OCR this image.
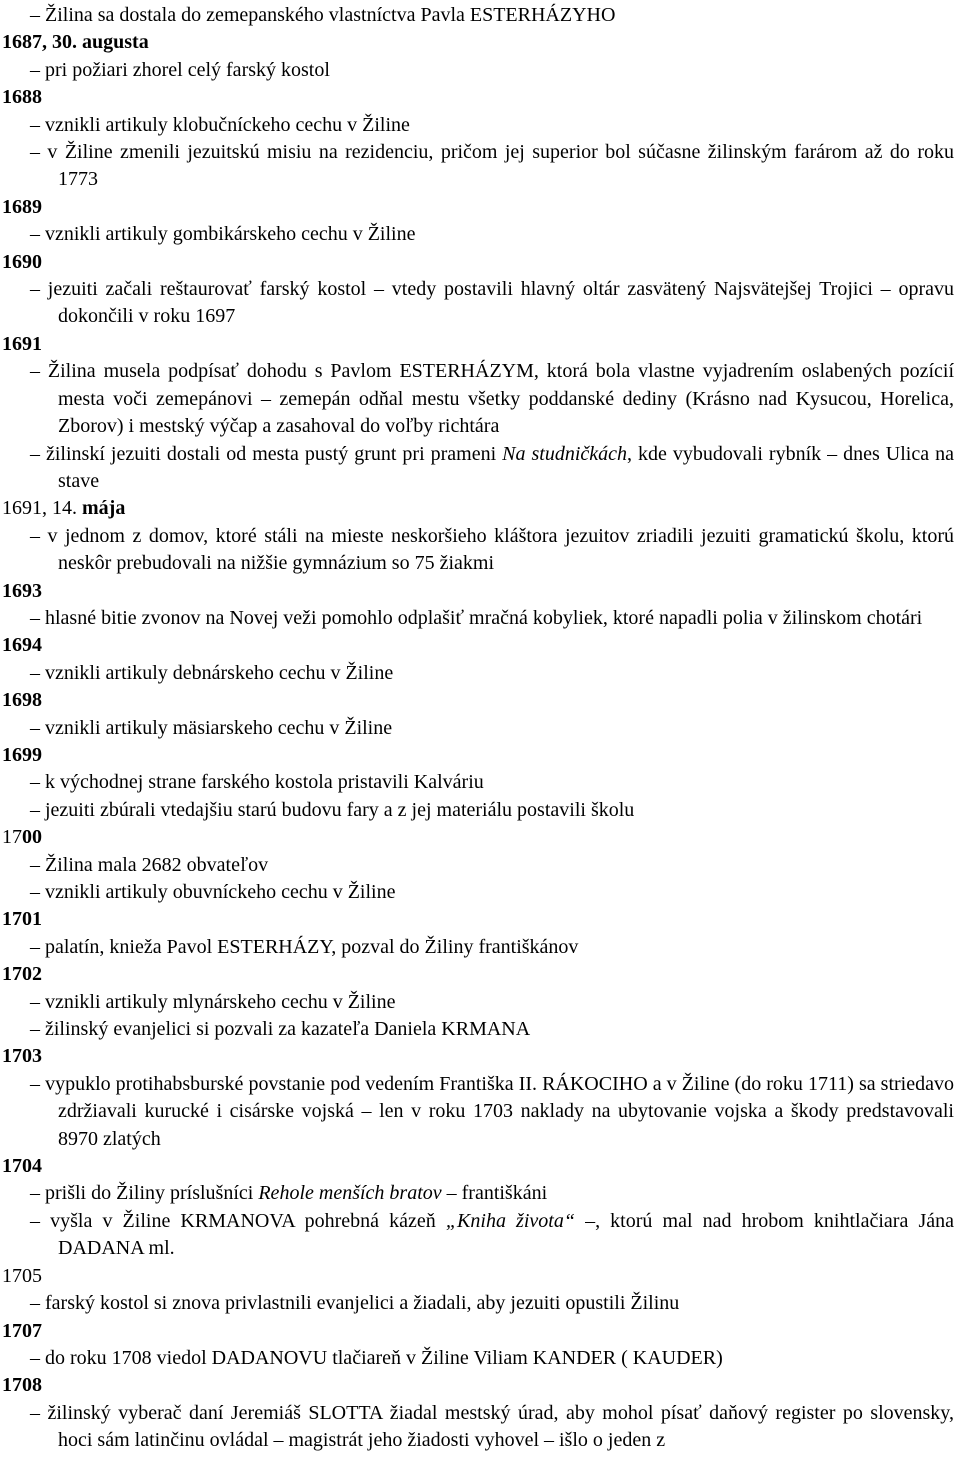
– Žilina sa dostala do zemepanského vlastníctva Pavla ESTERHÁZYHO
1687, 30. augusta
– pri požiari zhorel celý farský kostol
1688
– vznikli artikuly klobučníckeho cechu v Žiline
– v Žiline zmenili jezuitskú misiu na rezidenciu, pričom jej superior bol súčasne žilinským farárom až do roku 1773
1689
– vznikli artikuly gombikárskeho cechu v Žiline
1690
– jezuiti začali reštaurovať farský kostol – vtedy postavili hlavný oltár zasvätený Najsvätejšej Trojici – opravu dokončili v roku 1697
1691
– Žilina musela podpísať dohodu s Pavlom ESTERHÁZYM, ktorá bola vlastne vyjadrením oslabených pozícií mesta voči zemepánovi – zemepán odňal mestu všetky poddanské dediny (Krásno nad Kysucou, Horelica, Zborov) i mestský výčap a zasahoval do voľby richtára
– žilinskí jezuiti dostali od mesta pustý grunt pri prameni Na studničkách, kde vybudovali rybník – dnes Ulica na stave
1691, 14. mája
– v jednom z domov, ktoré stáli na mieste neskoršieho kláštora jezuitov zriadili jezuiti gramatickú školu, ktorú neskôr prebudovali na nižšie gymnázium so 75 žiakmi
1693
– hlasné bitie zvonov na Novej veži pomohlo odplašiť mračná kobyliek, ktoré napadli polia v žilinskom chotári
1694
– vznikli artikuly debnárskeho cechu v Žiline
1698
– vznikli artikuly mäsiarskeho cechu v Žiline
1699
– k východnej strane farského kostola pristavili Kalváriu
– jezuiti zbúrali vtedajšiu starú budovu fary a z jej materiálu postavili školu
1700
– Žilina mala 2682 obvateľov
– vznikli artikuly obuvníckeho cechu v Žiline
1701
– palatín, knieža Pavol ESTERHÁZY, pozval do Žiliny františkánov
1702
– vznikli artikuly mlynárskeho cechu v Žiline
– žilinský evanjelici si pozvali za kazateľa Daniela KRMANA
1703
– vypuklo protihabsburské povstanie pod vedením Františka II. RÁKOCIHO a v Žiline (do roku 1711) sa striedavo zdržiavali kurucké i cisárske vojská – len v roku 1703 naklady na ubytovanie vojska a škody predstavovali 8970 zlatých
1704
– prišli do Žiliny príslušníci Rehole menších bratov – františkáni
– vyšla v Žiline KRMANOVA pohrebná kázeň „Kniha života“ –, ktorú mal nad hrobom knihtlačiara Jána DADANA ml.
1705
– farský kostol si znova privlastnili evanjelici a žiadali, aby jezuiti opustili Žilinu
1707
– do roku 1708 viedol DADANOVU tlačiareň v Žiline Viliam KANDER ( KAUDER)
1708
– žilinský vyberač daní Jeremiáš SLOTTA žiadal mestský úrad, aby mohol písať daňový register po slovensky, hoci sám latinčinu ovládal – magistrát jeho žiadosti vyhovel – išlo o jeden z
